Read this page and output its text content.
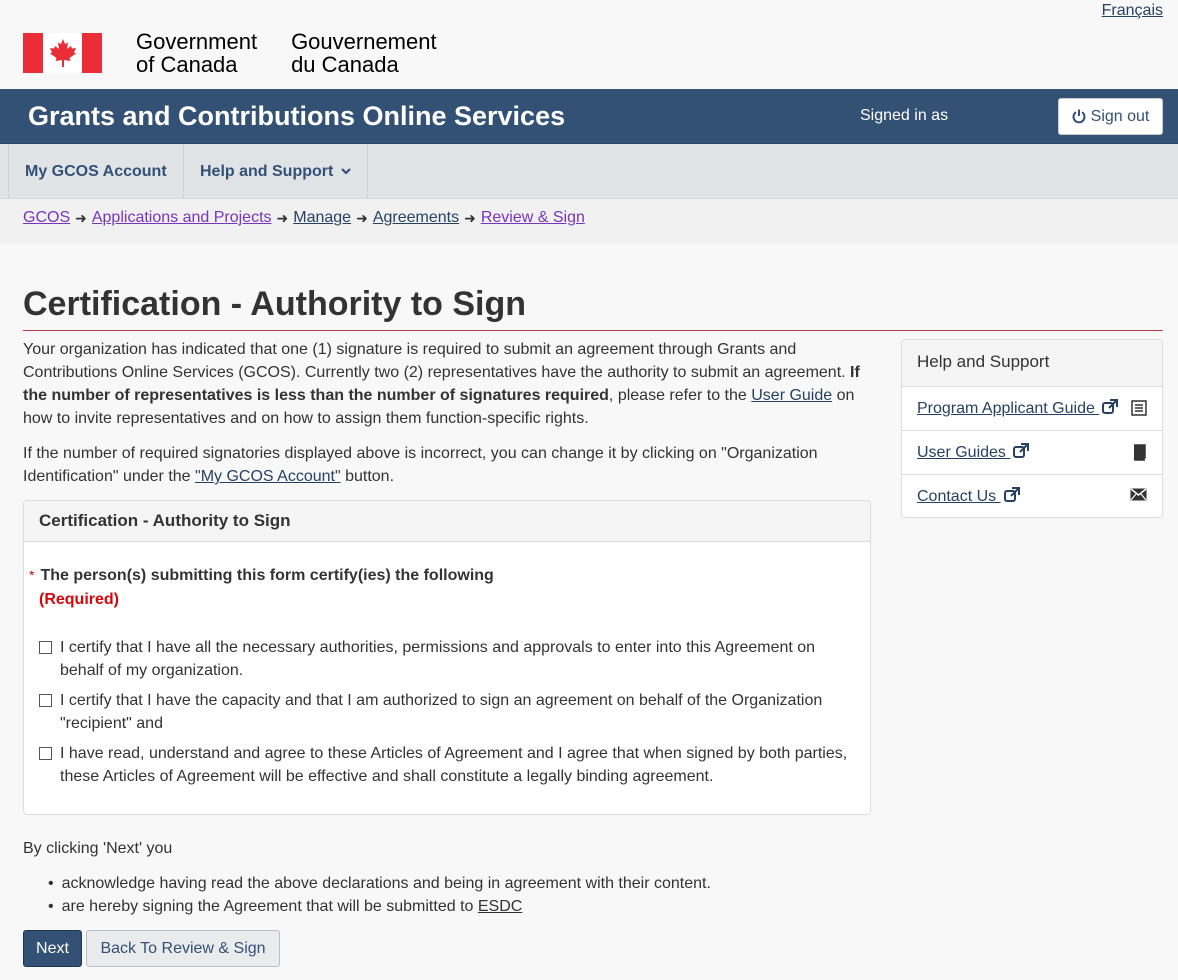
Français
Government
of Canada
Gouvernement
du Canada
Grants and Contributions Online Services	Signed in as	Sign out
My GCOS Account Help and Support
GCOS ➜ Applications and Projects ➜ Manage ➜ Agreements ➜ Review & Sign
Certification - Authority to Sign

Your organization has indicated that one (1) signature is required to submit an agreement through Grants and Contributions Online Services (GCOS). Currently two (2) representatives have the authority to submit an agreement. If the number of representatives is less than the number of signatures required, please refer to the User Guide on how to invite representatives and on how to assign them function-specific rights.

If the number of required signatories displayed above is incorrect, you can change it by clicking on "Organization Identification" under the "My GCOS Account" button.

Certification - Authority to Sign
* The person(s) submitting this form certify(ies) the following
(Required)
I certify that I have all the necessary authorities, permissions and approvals to enter into this Agreement on behalf of my organization.
I certify that I have the capacity and that I am authorized to sign an agreement on behalf of the Organization "recipient" and
I have read, understand and agree to these Articles of Agreement and I agree that when signed by both parties, these Articles of Agreement will be effective and shall constitute a legally binding agreement.

By clicking 'Next' you

• acknowledge having read the above declarations and being in agreement with their content.
• are hereby signing the Agreement that will be submitted to ESDC
Next	Back To Review & Sign
Help and Support
Program Applicant Guide
User Guides
Contact Us
